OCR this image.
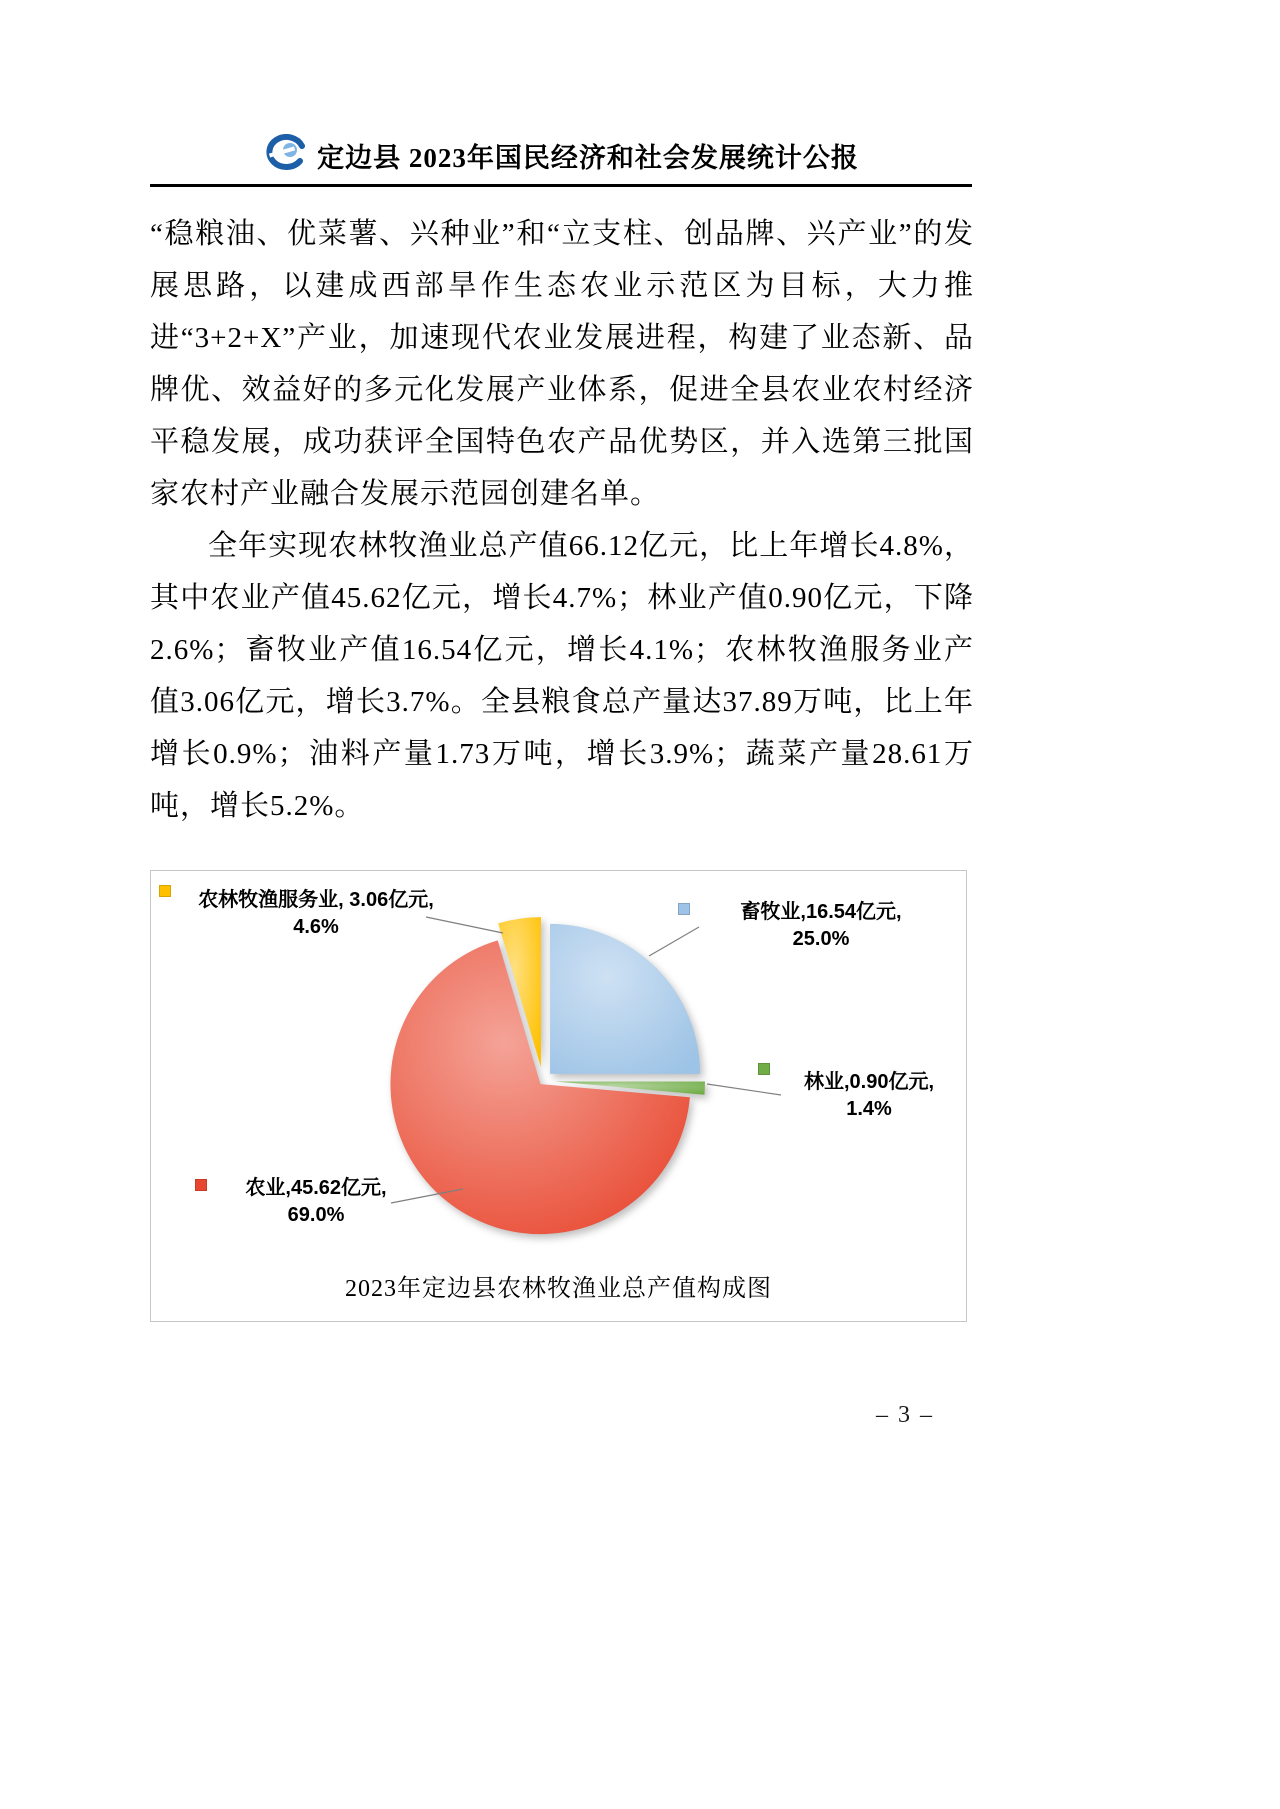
定边县 2023年国民经济和社会发展统计公报

“稳粮油、优菜薯、兴种业”和“立支柱、创品牌、兴产业”的发展思路，以建成西部旱作生态农业示范区为目标，大力推进“3+2+X”产业，加速现代农业发展进程，构建了业态新、品牌优、效益好的多元化发展产业体系，促进全县农业农村经济平稳发展，成功获评全国特色农产品优势区，并入选第三批国家农村产业融合发展示范园创建名单。

全年实现农林牧渔业总产值66.12亿元，比上年增长4.8%，其中农业产值45.62亿元，增长4.7%；林业产值0.90亿元，下降2.6%；畜牧业产值16.54亿元，增长4.1%；农林牧渔服务业产值3.06亿元，增长3.7%。全县粮食总产量达37.89万吨，比上年增长0.9%；油料产量1.73万吨，增长3.9%；蔬菜产量28.61万吨，增长5.2%。

农林牧渔服务业, 3.06亿元,
4.6%
畜牧业,16.54亿元,
25.0%
林业,0.90亿元,
1.4%
农业,45.62亿元,
69.0%
2023年定边县农林牧渔业总产值构成图
– 3 –
